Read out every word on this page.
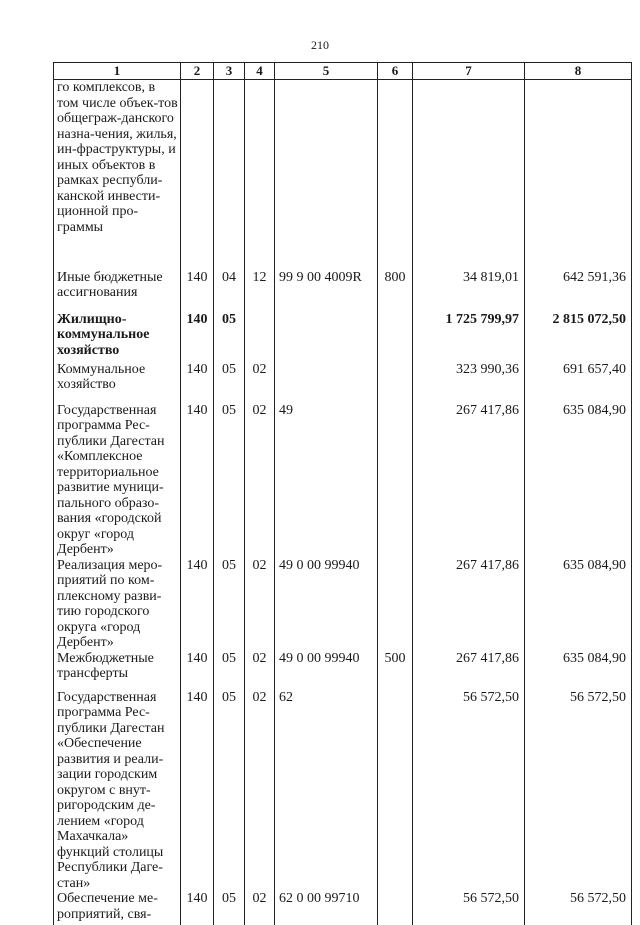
210
1	2	3	4	5	6	7	8
го комплексов, в том числе объек-тов общеграж-данского назна-чения, жилья, ин-фраструктуры, и иных объектов в рамках республи-канской инвести-ционной про-граммы							
Иные бюджетные ассигнования	140	04	12	99 9 00 4009R	800	34 819,01	642 591,36
Жилищно-коммунальное хозяйство	140	05				1 725 799,97	2 815 072,50
Коммунальное хозяйство	140	05	02			323 990,36	691 657,40
Государственная программа Рес-публики Дагестан «Комплексное территориальное развитие муници-пального образо-вания «городской округ «город Дербент»	140	05	02	49		267 417,86	635 084,90
Реализация меро-приятий по ком-плексному разви-тию городского округа «город Дербент»	140	05	02	49 0 00 99940		267 417,86	635 084,90
Межбюджетные трансферты	140	05	02	49 0 00 99940	500	267 417,86	635 084,90
Государственная программа Рес-публики Дагестан «Обеспечение развития и реали-зации городским округом с внут-ригородским де-лением «город Махачкала» функций столицы Республики Даге-стан»	140	05	02	62		56 572,50	56 572,50
Обеспечение ме-роприятий, свя-	140	05	02	62 0 00 99710		56 572,50	56 572,50
